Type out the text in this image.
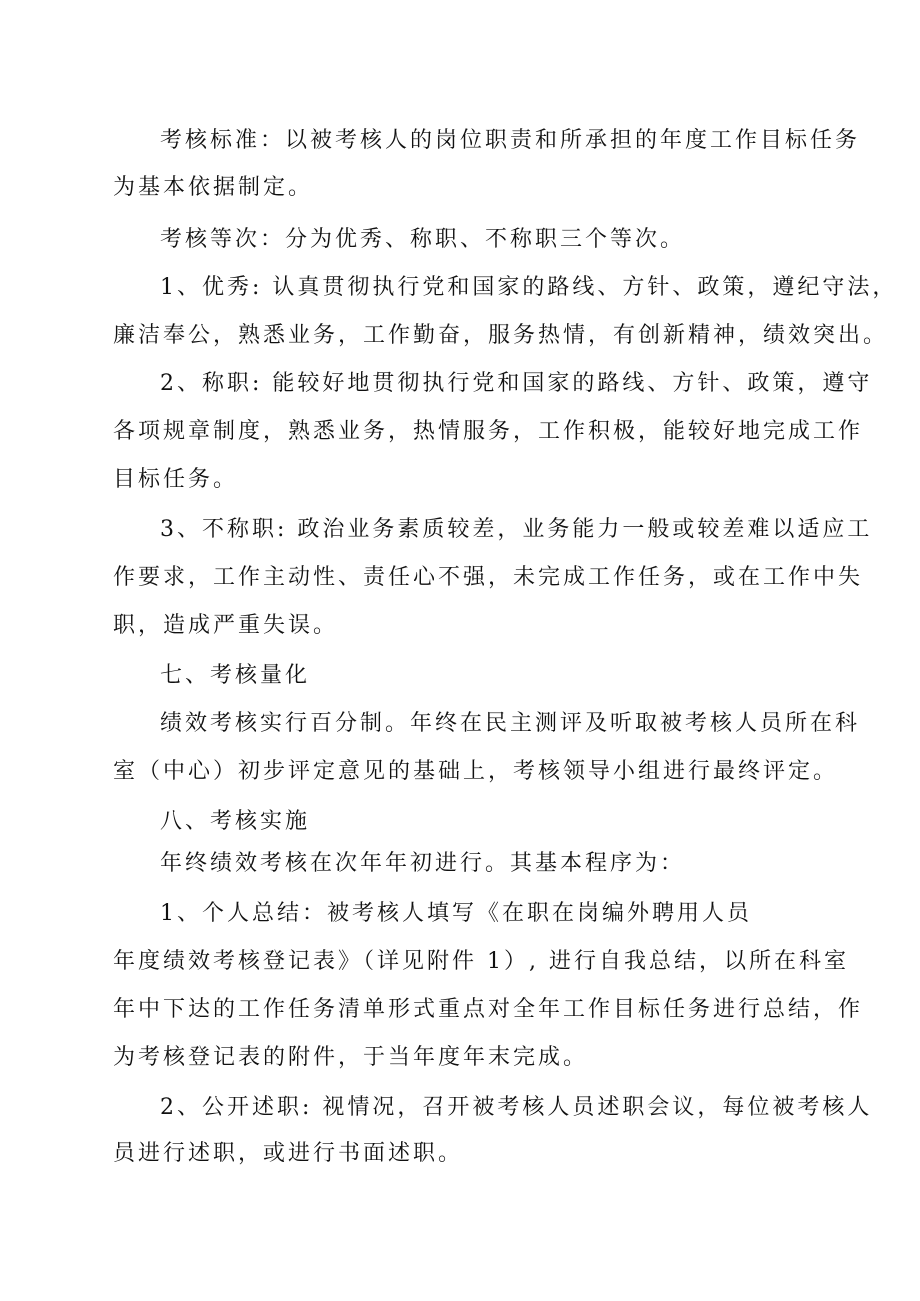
考核标准：以被考核人的岗位职责和所承担的年度工作目标任务
为基本依据制定。
考核等次：分为优秀、称职、不称职三个等次。
1、优秀: 认真贯彻执行党和国家的路线、方针、政策，遵纪守法，
廉洁奉公，熟悉业务，工作勤奋，服务热情，有创新精神，绩效突出。
2、称职: 能较好地贯彻执行党和国家的路线、方针、政策，遵守
各项规章制度，熟悉业务，热情服务，工作积极，能较好地完成工作
目标任务。
3、不称职: 政治业务素质较差，业务能力一般或较差难以适应工
作要求，工作主动性、责任心不强，未完成工作任务，或在工作中失
职，造成严重失误。
七、考核量化
绩效考核实行百分制。年终在民主测评及听取被考核人员所在科
室（中心）初步评定意见的基础上，考核领导小组进行最终评定。
八、考核实施
年终绩效考核在次年年初进行。其基本程序为：
1、个人总结：被考核人填写《在职在岗编外聘用人员
年度绩效考核登记表》（详见附件 1）, 进行自我总结，以所在科室
年中下达的工作任务清单形式重点对全年工作目标任务进行总结，作
为考核登记表的附件，于当年度年末完成。
2、公开述职: 视情况，召开被考核人员述职会议，每位被考核人
员进行述职，或进行书面述职。
